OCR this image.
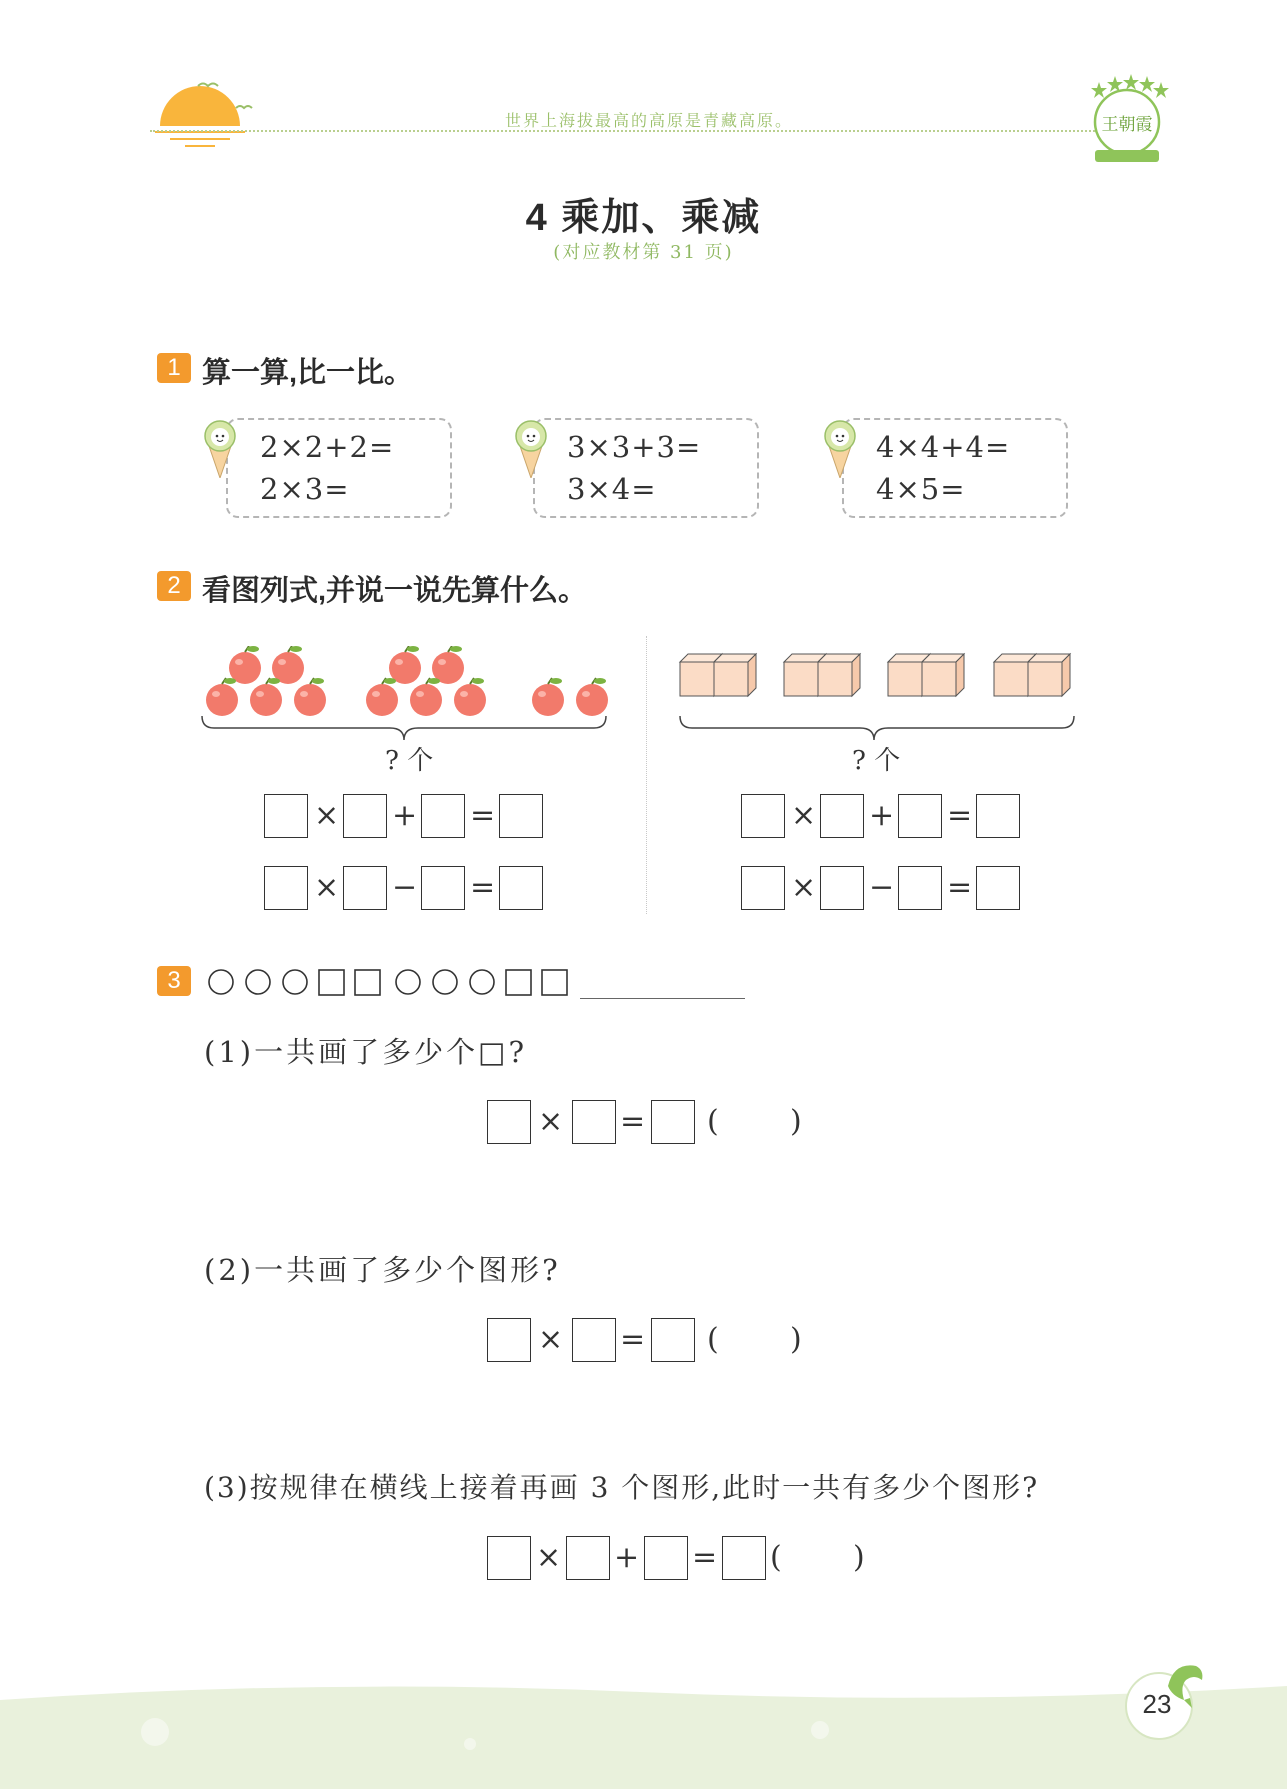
世界上海拔最高的高原是青藏高原。	王朝霞
4 乘加、乘减
(对应教材第 31 页)
1 算一算,比一比。
2×2+2=
2×3=
3×3+3=
3×4=
4×4+4=
4×5=
2 看图列式,并说一说先算什么。
? 个
× + =
× − =
? 个
× + =
× − =
3
(1)一共画了多少个□?
× = ( )
(2)一共画了多少个图形?
× = ( )
(3)按规律在横线上接着再画 3 个图形,此时一共有多少个图形?
× + = ( )
23
